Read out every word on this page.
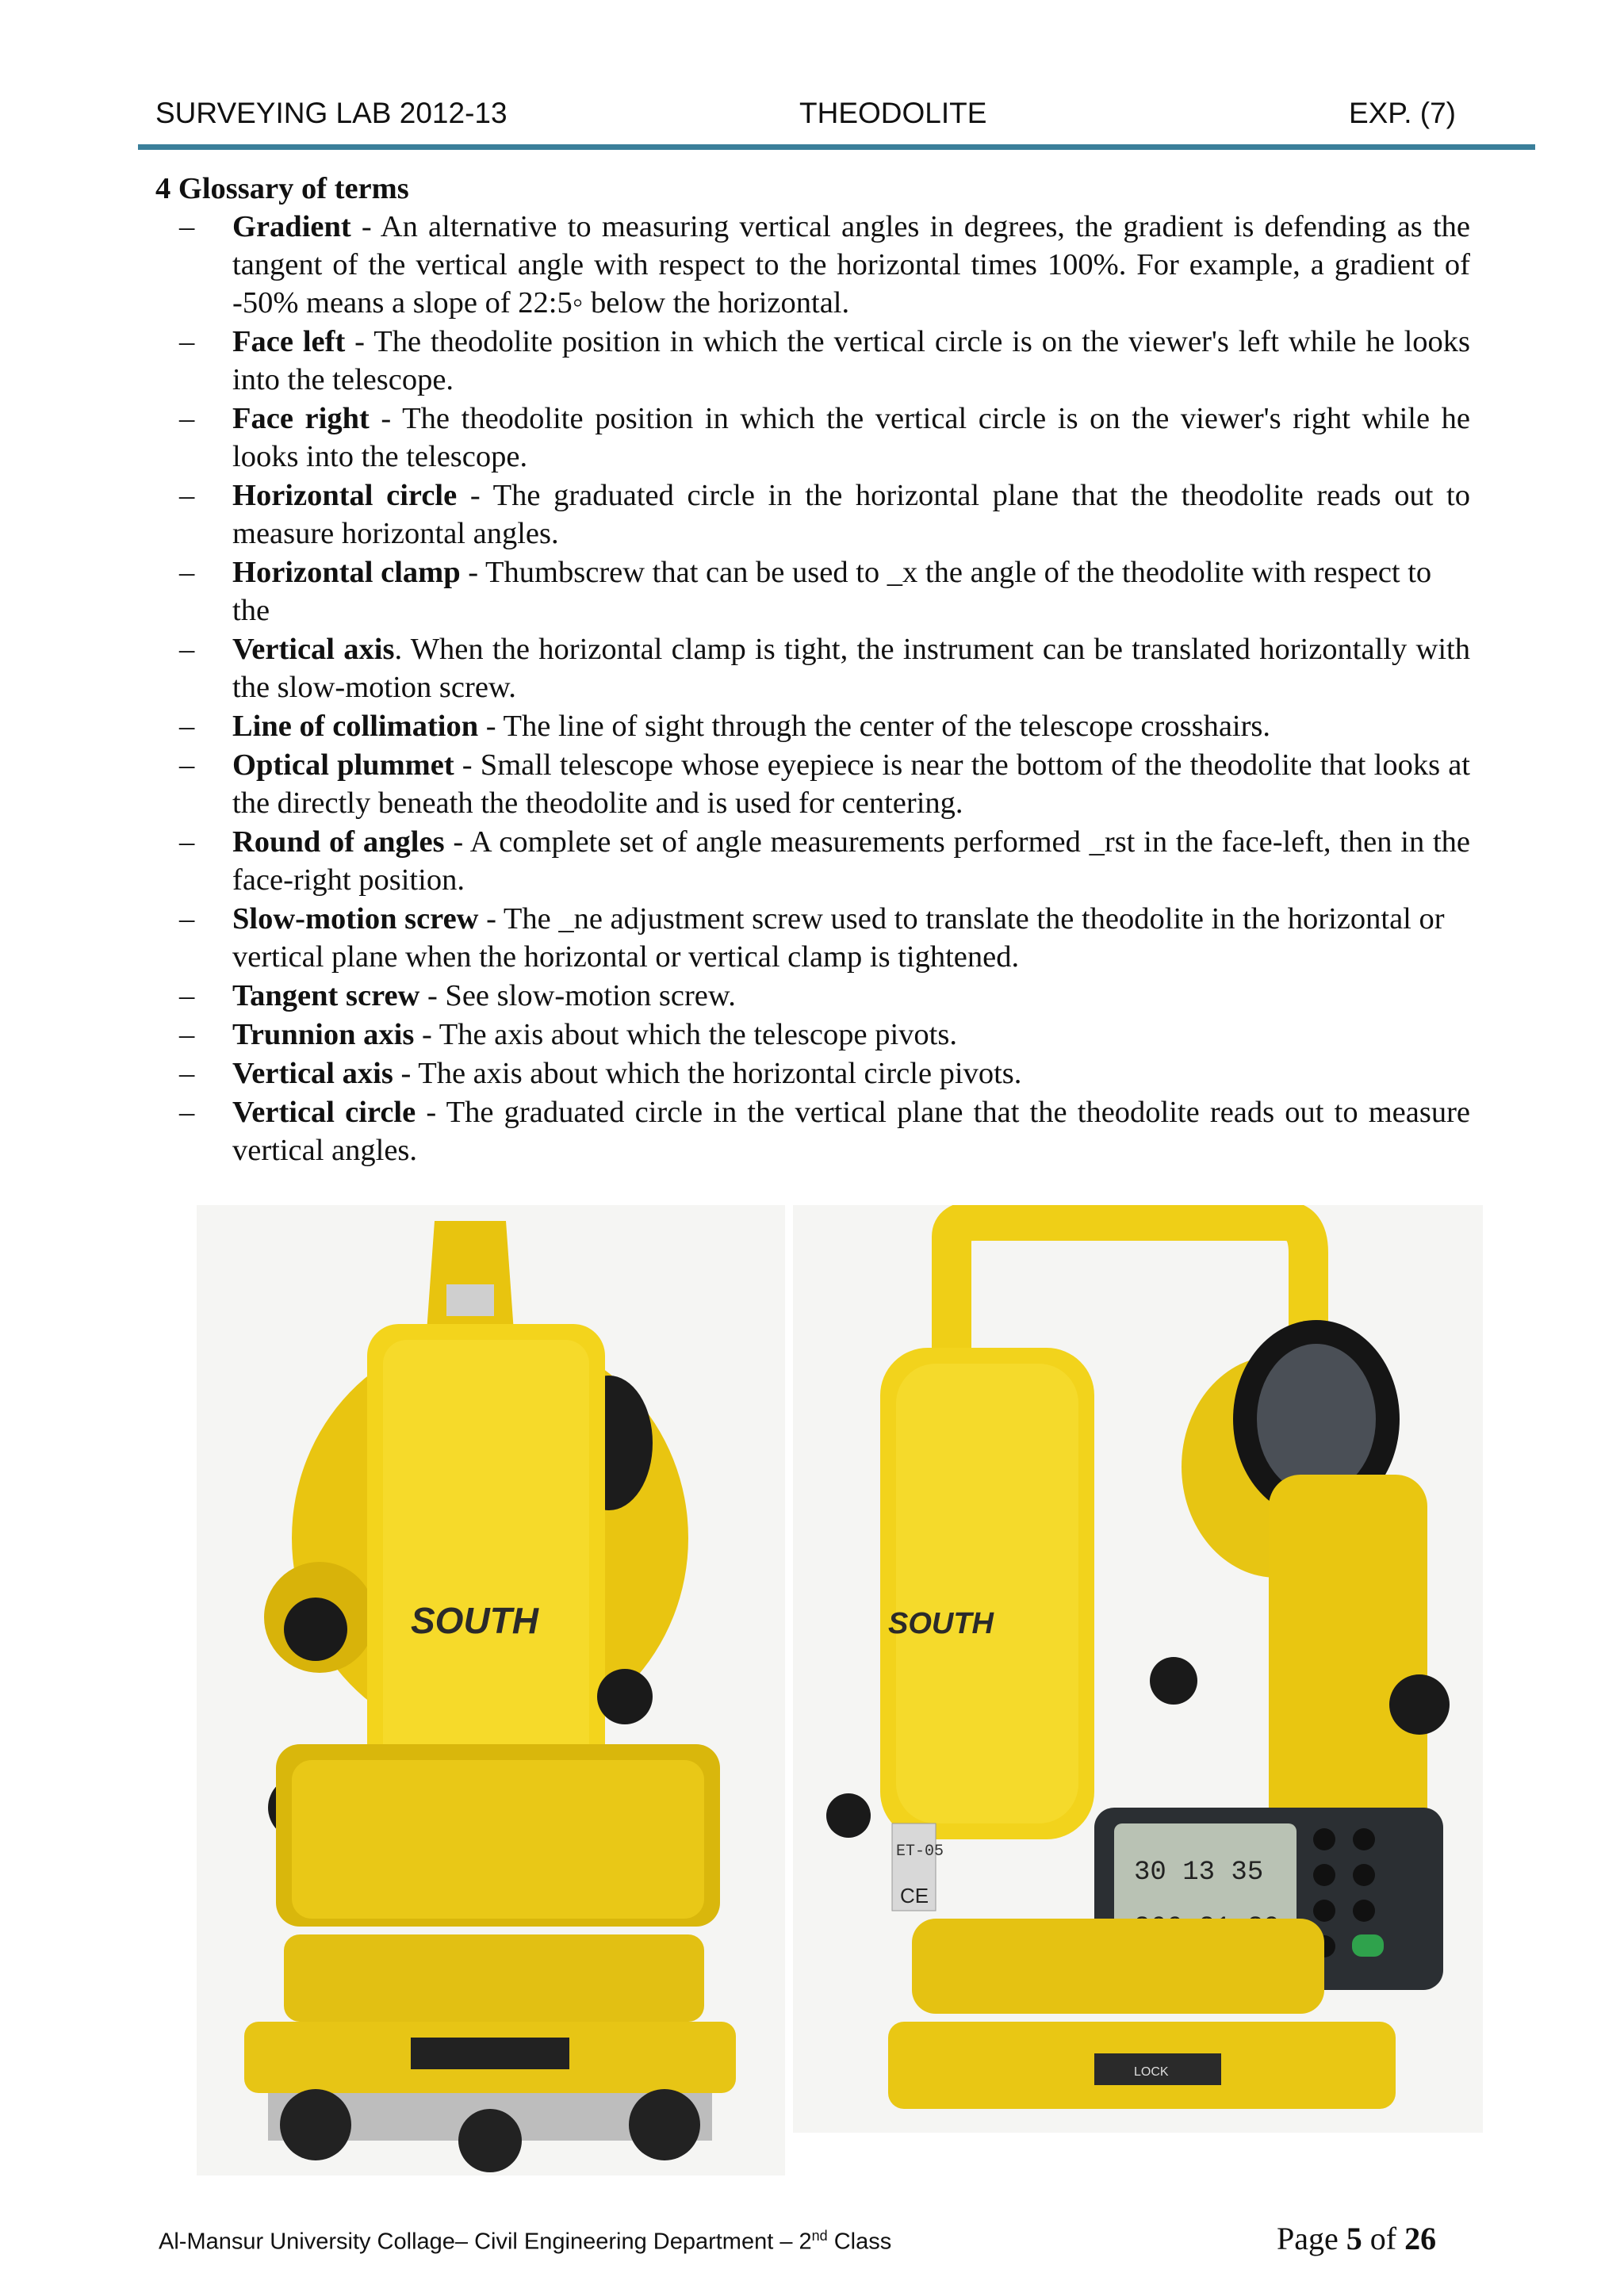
SURVEYING LAB 2012-13	THEODOLITE	EXP. (7)
4 Glossary of terms
– Gradient - An alternative to measuring vertical angles in degrees, the gradient is defending as the tangent of the vertical angle with respect to the horizontal times 100%. For example, a gradient of -50% means a slope of 22:5◦ below the horizontal.
– Face left - The theodolite position in which the vertical circle is on the viewer's left while he looks into the telescope.
– Face right - The theodolite position in which the vertical circle is on the viewer's right while he looks into the telescope.
– Horizontal circle - The graduated circle in the horizontal plane that the theodolite reads out to measure horizontal angles.
– Horizontal clamp - Thumbscrew that can be used to _x the angle of the theodolite with respect to the
– Vertical axis. When the horizontal clamp is tight, the instrument can be translated horizontally with the slow-motion screw.
– Line of collimation - The line of sight through the center of the telescope crosshairs.
– Optical plummet - Small telescope whose eyepiece is near the bottom of the theodolite that looks at the directly beneath the theodolite and is used for centering.
– Round of angles - A complete set of angle measurements performed _rst in the face-left, then in the face-right position.
– Slow-motion screw - The _ne adjustment screw used to translate the theodolite in the horizontal or vertical plane when the horizontal or vertical clamp is tightened.
– Tangent screw - See slow-motion screw.
– Trunnion axis - The axis about which the telescope pivots.
– Vertical axis - The axis about which the horizontal circle pivots.
– Vertical circle - The graduated circle in the vertical plane that the theodolite reads out to measure vertical angles.
SOUTH	SOUTH
ET-05
CE
30 13 35
LOCK
Al-Mansur University Collage– Civil Engineering Department – 2nd Class	Page 5 of 26
